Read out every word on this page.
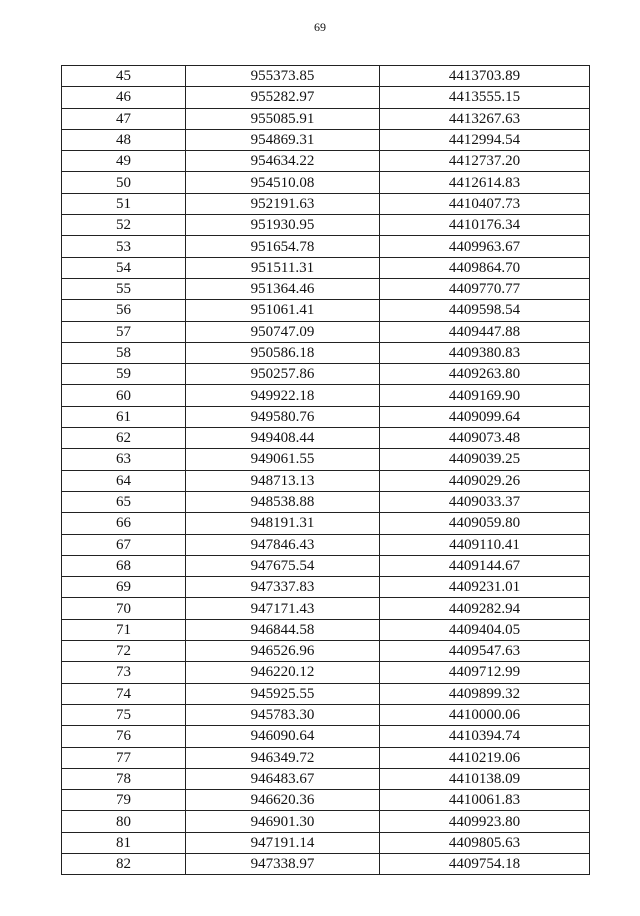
69
45	955373.85	4413703.89
46	955282.97	4413555.15
47	955085.91	4413267.63
48	954869.31	4412994.54
49	954634.22	4412737.20
50	954510.08	4412614.83
51	952191.63	4410407.73
52	951930.95	4410176.34
53	951654.78	4409963.67
54	951511.31	4409864.70
55	951364.46	4409770.77
56	951061.41	4409598.54
57	950747.09	4409447.88
58	950586.18	4409380.83
59	950257.86	4409263.80
60	949922.18	4409169.90
61	949580.76	4409099.64
62	949408.44	4409073.48
63	949061.55	4409039.25
64	948713.13	4409029.26
65	948538.88	4409033.37
66	948191.31	4409059.80
67	947846.43	4409110.41
68	947675.54	4409144.67
69	947337.83	4409231.01
70	947171.43	4409282.94
71	946844.58	4409404.05
72	946526.96	4409547.63
73	946220.12	4409712.99
74	945925.55	4409899.32
75	945783.30	4410000.06
76	946090.64	4410394.74
77	946349.72	4410219.06
78	946483.67	4410138.09
79	946620.36	4410061.83
80	946901.30	4409923.80
81	947191.14	4409805.63
82	947338.97	4409754.18
